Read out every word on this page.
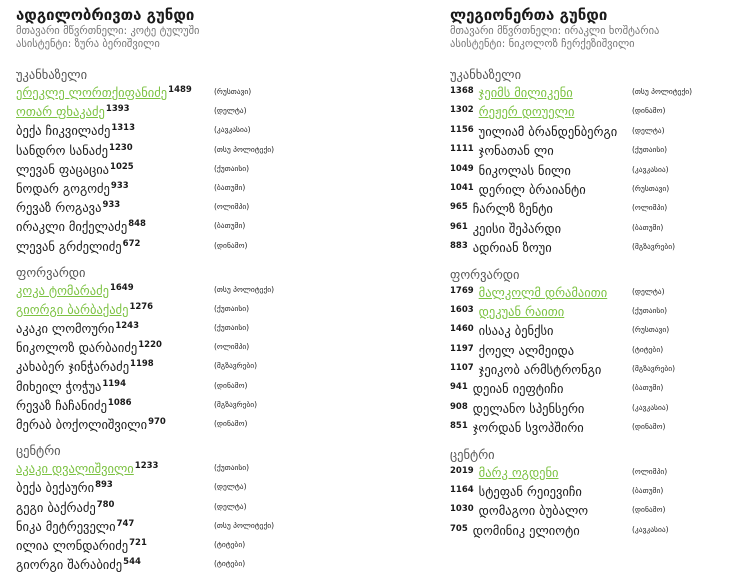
ადგილობრივთა გუნდი
მთავარი მწვრთნელი: კოტე ტულუში
ასისტენტი: ზურა ბერიშვილი
უკანხაზელი
ერეკლე ლორთქიფანიძე$^{1489}$	(რუსთავი)
ოთარ ფხაკაძე$^{1393}$	(დელტა)
ბექა ჩიკვილაძე$^{1313}$	(კავკასია)
სანდრო სანაძე$^{1230}$	(თსუ პოლიტექი)
ლევან ფაცაცია$^{1025}$	(ქუთაისი)
ნოდარ გოგოძე$^{933}$	(ბათუმი)
რევაზ როგავა$^{933}$	(ოლიმპი)
ირაკლი მიქელაძე$^{848}$	(ბათუმი)
ლევან გრძელიძე$^{672}$	(დინამო)
ფორვარდი
კოკა ტომარაძე$^{1649}$	(თსუ პოლიტექი)
გიორგი ბარბაქაძე$^{1276}$	(ქუთაისი)
აკაკი ლომოური$^{1243}$	(ქუთაისი)
ნიკოლოზ დარბაიძე$^{1220}$	(ოლიმპი)
კახაბერ ჯინჭარაძე$^{1198}$	(მგზავრები)
მიხეილ ჭოჭუა$^{1194}$	(დინამო)
რევაზ ჩაჩანიძე$^{1086}$	(მგზავრები)
მერაბ ბოქოლიშვილი$^{970}$	(დინამო)
ცენტრი
აკაკი დვალიშვილი$^{1233}$	(ქუთაისი)
ბექა ბექაური$^{893}$	(დელტა)
გეგი ბაქრაძე$^{780}$	(დელტა)
ნიკა მეტრეველი$^{747}$	(თსუ პოლიტექი)
ილია ლონდარიძე$^{721}$	(ტიტები)
გიორგი შარაბიძე$^{544}$	(ტიტები)
ლეგიონერთა გუნდი
მთავარი მწვრთნელი: ირაკლი ხოშტარია
ასისტენტი: ნიკოლოზ ჩერქეზიშვილი
უკანხაზელი
$^{1368}$ ჯეიმს მილიკენი	(თსუ პოლიტექი)
$^{1302}$ რეჟერ დოუელი	(დინამო)
$^{1156}$ უილიამ ბრანდენბერგი (დელტა)
$^{1111}$ ჯონათან ლი	(ქუთაისი)
$^{1049}$ ნიკოლას ნილი	(კავკასია)
$^{1041}$ დერილ ბრაიანტი	(რუსთავი)
$^{965}$ ჩარლზ ზენტი	(ოლიმპი)
$^{961}$ კეისი შეპარდი	(ბათუმი)
$^{883}$ ადრიან ზოუი	(მგზავრები)
ფორვარდი
$^{1769}$ მალკოლმ დრამაითი	(დელტა)
$^{1603}$ დეკუან რაითი	(ქუთაისი)
$^{1460}$ ისააკ ბენქსი	(რუსთავი)
$^{1197}$ ქოელ ალმეიდა	(ტიტები)
$^{1107}$ ჯეიკობ არმსტრონგი	(მგზავრები)
$^{941}$ დეიან იეფტიჩი	(ბათუმი)
$^{908}$ დელანო სპენსერი	(კავკასია)
$^{851}$ ჯორდან სვოპშირი	(დინამო)
ცენტრი
$^{2019}$ მარკ ოგდენი	(ოლიმპი)
$^{1164}$ სტეფან რეიევიჩი	(ბათუმი)
$^{1030}$ დომაგოი ბუბალო	(დინამო)
$^{705}$ დომინიკ ელიოტი	(კავკასია)
